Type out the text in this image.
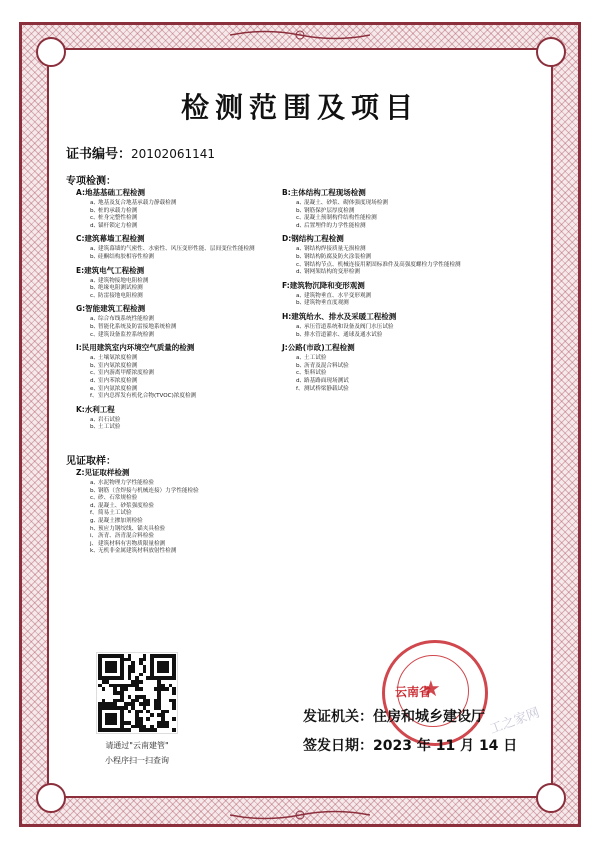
检测范围及项目
证书编号：20102061141
专项检测：
A:地基基础工程检测
a、地基及复合地基承载力静载检测
b、桩的承载力检测
c、桩身完整性检测
d、锚杆锁定力检测
C:建筑幕墙工程检测
a、建筑幕墙的气密性、水密性、风压变形性能、层间变位性能检测
b、硅酮结构胶相容性检测
E:建筑电气工程检测
a、建筑物接地电阻检测
b、绝缘电阻测试检测
c、防雷接地电阻检测
G:智能建筑工程检测
a、综合布线系统性能检测
b、智能化系统及防雷接地系统检测
c、建筑设备监控系统检测
I:民用建筑室内环境空气质量的检测
a、土壤氡浓度检测
b、室内氡浓度检测
c、室内游离甲醛浓度检测
d、室内苯浓度检测
e、室内氨浓度检测
f、室内总挥发有机化合物(TVOC)浓度检测
K:水利工程
a、岩石试验
b、土工试验
B:主体结构工程现场检测
a、混凝土、砂浆、砌体强度现场检测
b、钢筋保护层厚度检测
c、混凝土预制构件结构性能检测
d、后置埋件的力学性能检测
D:钢结构工程检测
a、钢结构焊接质量无损检测
b、钢结构防腐及防火涂装检测
c、钢结构节点、机械连接用紧固标准件及高强度螺栓力学性能检测
d、钢网架结构的变形检测
F:建筑物沉降和变形观测
a、建筑物垂直、水平变形观测
b、建筑物垂直度观测
H:建筑给水、排水及采暖工程检测
a、承压管道系统和设备及阀门水压试验
b、排水管道灌水、通球及通水试验
J:公路(市政)工程检测
a、土工试验
b、沥青及混合料试验
c、集料试验
d、路基路面现场测试
f、测试桥梁静载试验
见证取样：
Z:见证取样检测
a、水泥物理力学性能检验
b、钢筋（含焊接与机械连接）力学性能检验
c、砂、石常规检验
d、混凝土、砂浆强度检验
f、简易土工试验
g、混凝土掺加剂检验
h、预应力钢绞线、锚夹具检验
i、沥青、沥青混合料检验
j、建筑材料有害物质限量检测
k、无机非金属建筑材料放射性检测
请通过"云南建管"
小程序扫一扫查询
★
云南省
发证机关：住房和城乡建设厅
签发日期：2023 年 11 月 14 日
工之家网
